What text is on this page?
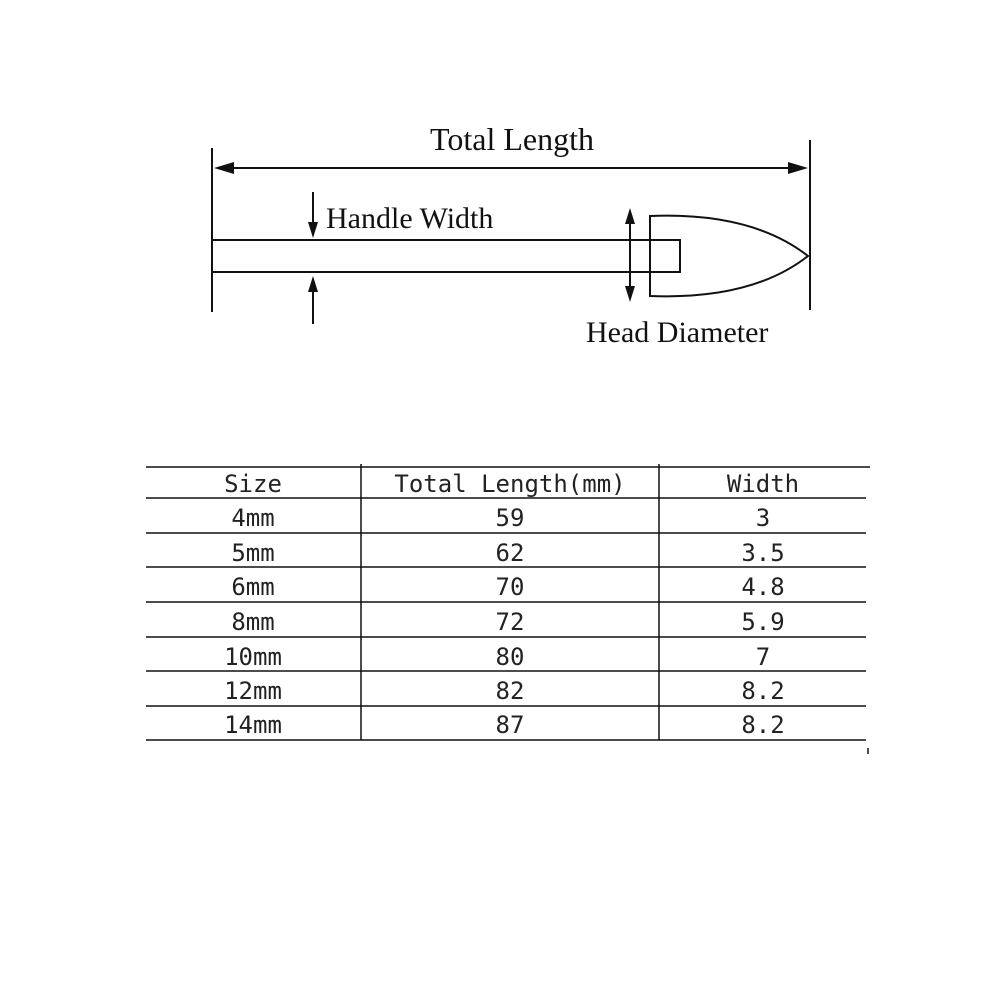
Total Length
Handle Width
Head Diameter
Size	Total Length(mm)	Width
4mm	59	3
5mm	62	3.5
6mm	70	4.8
8mm	72	5.9
10mm	80	7
12mm	82	8.2
14mm	87	8.2
